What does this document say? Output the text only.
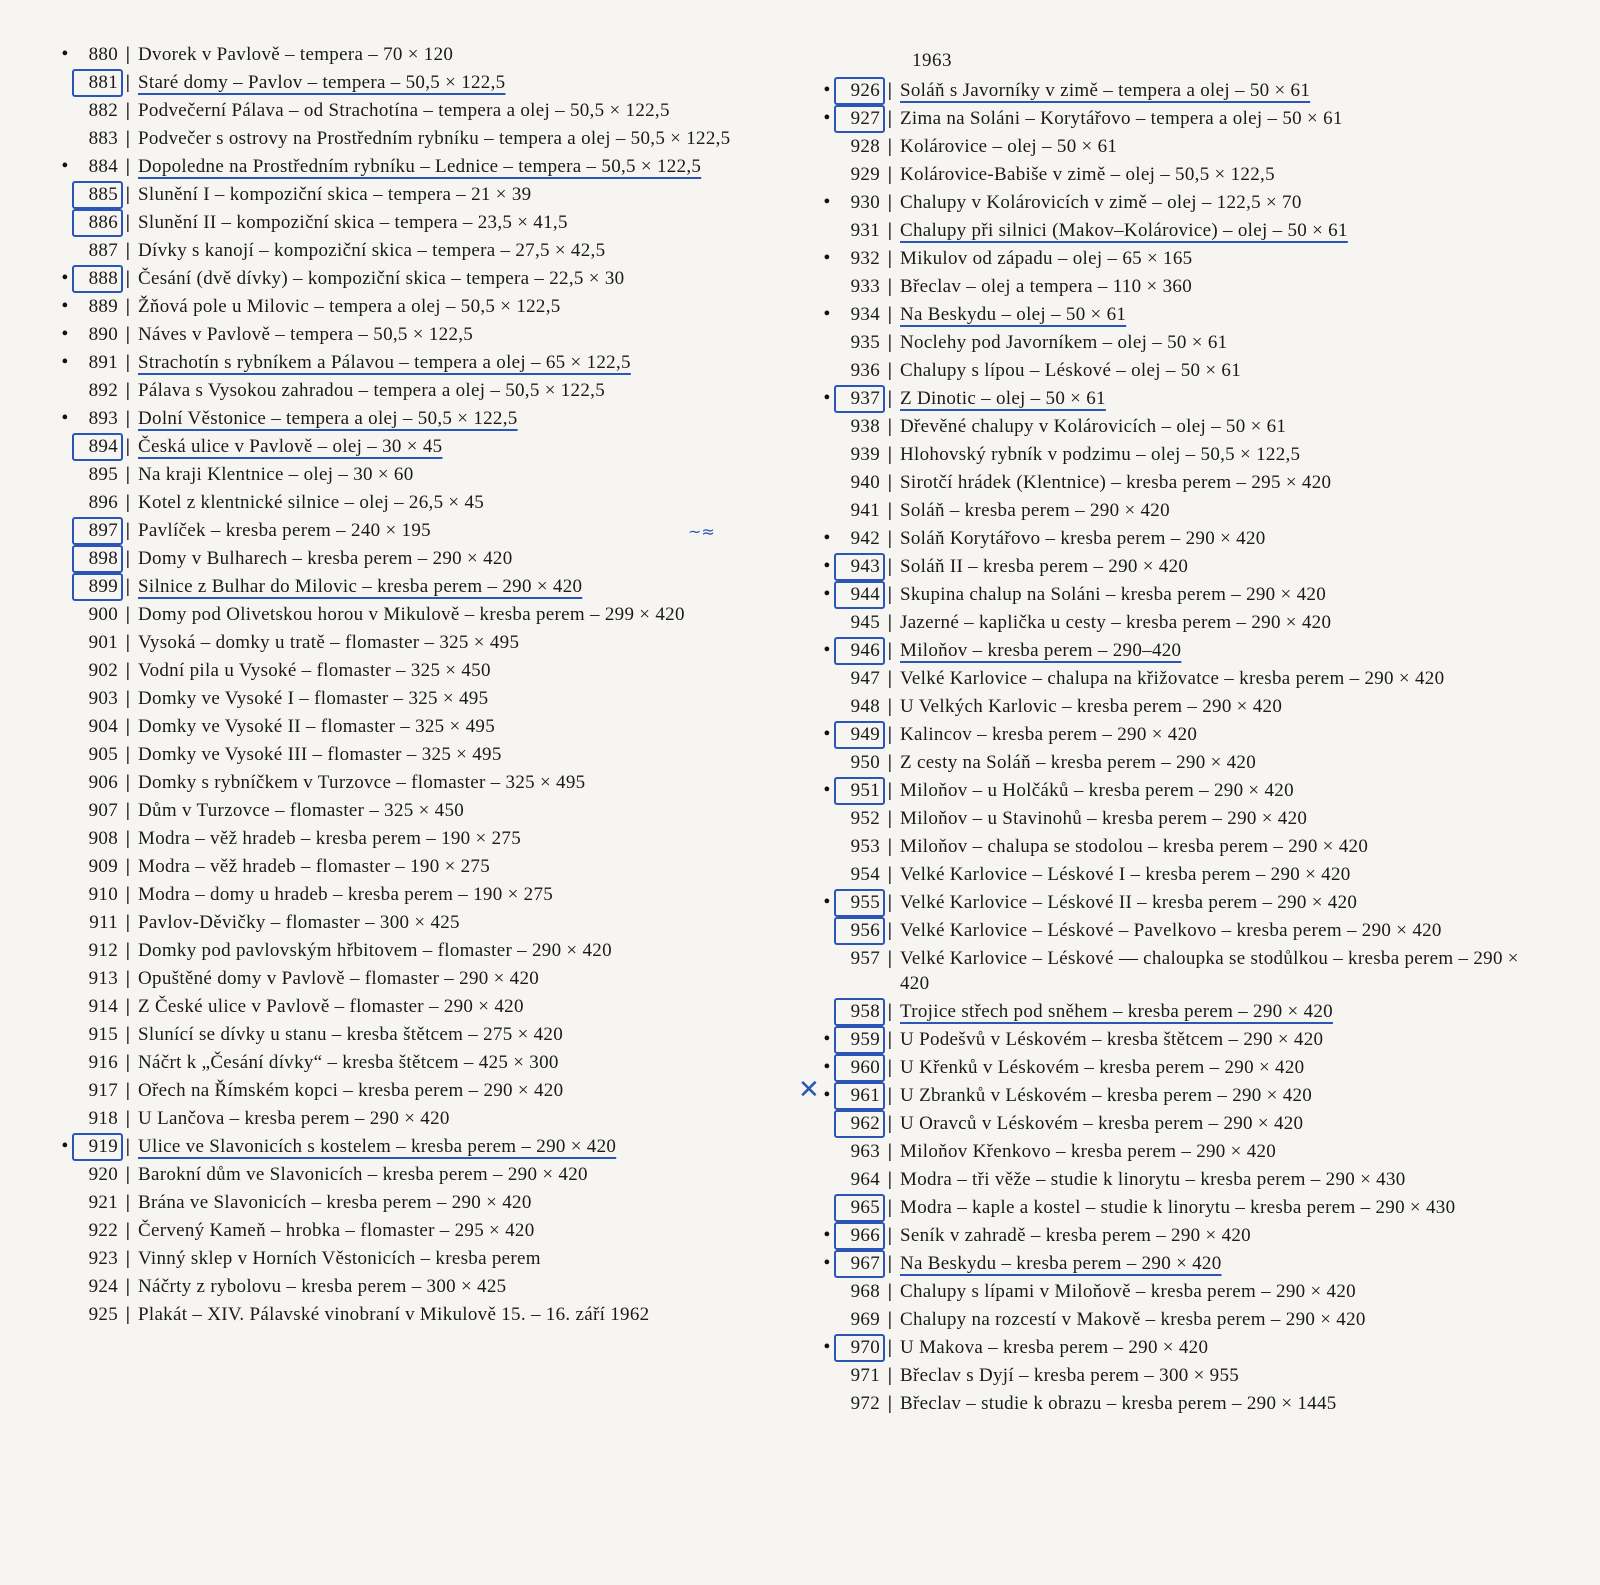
•	880 | Dvorek v Pavlově – tempera – 70 × 120
881 | Staré domy – Pavlov – tempera – 50,5 × 122,5
882 | Podvečerní Pálava – od Strachotína – tempera a olej – 50,5 × 122,5
883 | Podvečer s ostrovy na Prostředním rybníku – tempera a olej – 50,5 × 122,5
•	884 | Dopoledne na Prostředním rybníku – Lednice – tempera – 50,5 × 122,5
885 | Slunění I – kompoziční skica – tempera – 21 × 39
886 | Slunění II – kompoziční skica – tempera – 23,5 × 41,5
887 | Dívky s kanojí – kompoziční skica – tempera – 27,5 × 42,5
•	888 | Česání (dvě dívky) – kompoziční skica – tempera – 22,5 × 30
•	889 | Žňová pole u Milovic – tempera a olej – 50,5 × 122,5
•	890 | Náves v Pavlově – tempera – 50,5 × 122,5
•	891 | Strachotín s rybníkem a Pálavou – tempera a olej – 65 × 122,5
892 | Pálava s Vysokou zahradou – tempera a olej – 50,5 × 122,5
•	893 | Dolní Věstonice – tempera a olej – 50,5 × 122,5
894 | Česká ulice v Pavlově – olej – 30 × 45
895 | Na kraji Klentnice – olej – 30 × 60
896 | Kotel z klentnické silnice – olej – 26,5 × 45
897 | Pavlíček – kresba perem – 240 × 195
898 | Domy v Bulharech – kresba perem – 290 × 420
899 | Silnice z Bulhar do Milovic – kresba perem – 290 × 420
900 | Domy pod Olivetskou horou v Mikulově – kresba perem – 299 × 420
901 | Vysoká – domky u tratě – flomaster – 325 × 495
902 | Vodní pila u Vysoké – flomaster – 325 × 450
903 | Domky ve Vysoké I – flomaster – 325 × 495
904 | Domky ve Vysoké II – flomaster – 325 × 495
905 | Domky ve Vysoké III – flomaster – 325 × 495
906 | Domky s rybníčkem v Turzovce – flomaster – 325 × 495
907 | Dům v Turzovce – flomaster – 325 × 450
908 | Modra – věž hradeb – kresba perem – 190 × 275
909 | Modra – věž hradeb – flomaster – 190 × 275
910 | Modra – domy u hradeb – kresba perem – 190 × 275
911 | Pavlov-Děvičky – flomaster – 300 × 425
912 | Domky pod pavlovským hřbitovem – flomaster – 290 × 420
913 | Opuštěné domy v Pavlově – flomaster – 290 × 420
914 | Z České ulice v Pavlově – flomaster – 290 × 420
915 | Slunící se dívky u stanu – kresba štětcem – 275 × 420
916 | Náčrt k „Česání dívky“ – kresba štětcem – 425 × 300
917 | Ořech na Římském kopci – kresba perem – 290 × 420
918 | U Lančova – kresba perem – 290 × 420
•	919 | Ulice ve Slavonicích s kostelem – kresba perem – 290 × 420
920 | Barokní dům ve Slavonicích – kresba perem – 290 × 420
921 | Brána ve Slavonicích – kresba perem – 290 × 420
922 | Červený Kameň – hrobka – flomaster – 295 × 420
923 | Vinný sklep v Horních Věstonicích – kresba perem
924 | Náčrty z rybolovu – kresba perem – 300 × 425
925 | Plakát – XIV. Pálavské vinobraní v Mikulově 15. – 16. září 1962
1963
•	926 | Soláň s Javorníky v zimě – tempera a olej – 50 × 61
•	927 | Zima na Soláni – Korytářovo – tempera a olej – 50 × 61
928 | Kolárovice – olej – 50 × 61
929 | Kolárovice-Babiše v zimě – olej – 50,5 × 122,5
•	930 | Chalupy v Kolárovicích v zimě – olej – 122,5 × 70
931 | Chalupy při silnici (Makov–Kolárovice) – olej – 50 × 61
•	932 | Mikulov od západu – olej – 65 × 165
933 | Břeclav – olej a tempera – 110 × 360
•	934 | Na Beskydu – olej – 50 × 61
935 | Noclehy pod Javorníkem – olej – 50 × 61
936 | Chalupy s lípou – Léskové – olej – 50 × 61
•	937 | Z Dinotic – olej – 50 × 61
938 | Dřevěné chalupy v Kolárovicích – olej – 50 × 61
939 | Hlohovský rybník v podzimu – olej – 50,5 × 122,5
940 | Sirotčí hrádek (Klentnice) – kresba perem – 295 × 420
941 | Soláň – kresba perem – 290 × 420
•	942 | Soláň Korytářovo – kresba perem – 290 × 420
•	943 | Soláň II – kresba perem – 290 × 420
•	944 | Skupina chalup na Soláni – kresba perem – 290 × 420
945 | Jazerné – kaplička u cesty – kresba perem – 290 × 420
•	946 | Miloňov – kresba perem – 290–420
947 | Velké Karlovice – chalupa na křižovatce – kresba perem – 290 × 420
948 | U Velkých Karlovic – kresba perem – 290 × 420
•	949 | Kalincov – kresba perem – 290 × 420
950 | Z cesty na Soláň – kresba perem – 290 × 420
•	951 | Miloňov – u Holčáků – kresba perem – 290 × 420
952 | Miloňov – u Stavinohů – kresba perem – 290 × 420
953 | Miloňov – chalupa se stodolou – kresba perem – 290 × 420
954 | Velké Karlovice – Léskové I – kresba perem – 290 × 420
•	955 | Velké Karlovice – Léskové II – kresba perem – 290 × 420
956 | Velké Karlovice – Léskové – Pavelkovo – kresba perem – 290 × 420
957 | Velké Karlovice – Léskové — chaloupka se stodůlkou – kresba perem – 290 × 420
958 | Trojice střech pod sněhem – kresba perem – 290 × 420
•	959 | U Podešvů v Léskovém – kresba štětcem – 290 × 420
•	960 | U Křenků v Léskovém – kresba perem – 290 × 420
•	961 | U Zbranků v Léskovém – kresba perem – 290 × 420
962 | U Oravců v Léskovém – kresba perem – 290 × 420
963 | Miloňov Křenkovo – kresba perem – 290 × 420
964 | Modra – tři věže – studie k linorytu – kresba perem – 290 × 430
965 | Modra – kaple a kostel – studie k linorytu – kresba perem – 290 × 430
•	966 | Seník v zahradě – kresba perem – 290 × 420
•	967 | Na Beskydu – kresba perem – 290 × 420
968 | Chalupy s lípami v Miloňově – kresba perem – 290 × 420
969 | Chalupy na rozcestí v Makově – kresba perem – 290 × 420
•	970 | U Makova – kresba perem – 290 × 420
971 | Břeclav s Dyjí – kresba perem – 300 × 955
972 | Břeclav – studie k obrazu – kresba perem – 290 × 1445
~≈
✕
